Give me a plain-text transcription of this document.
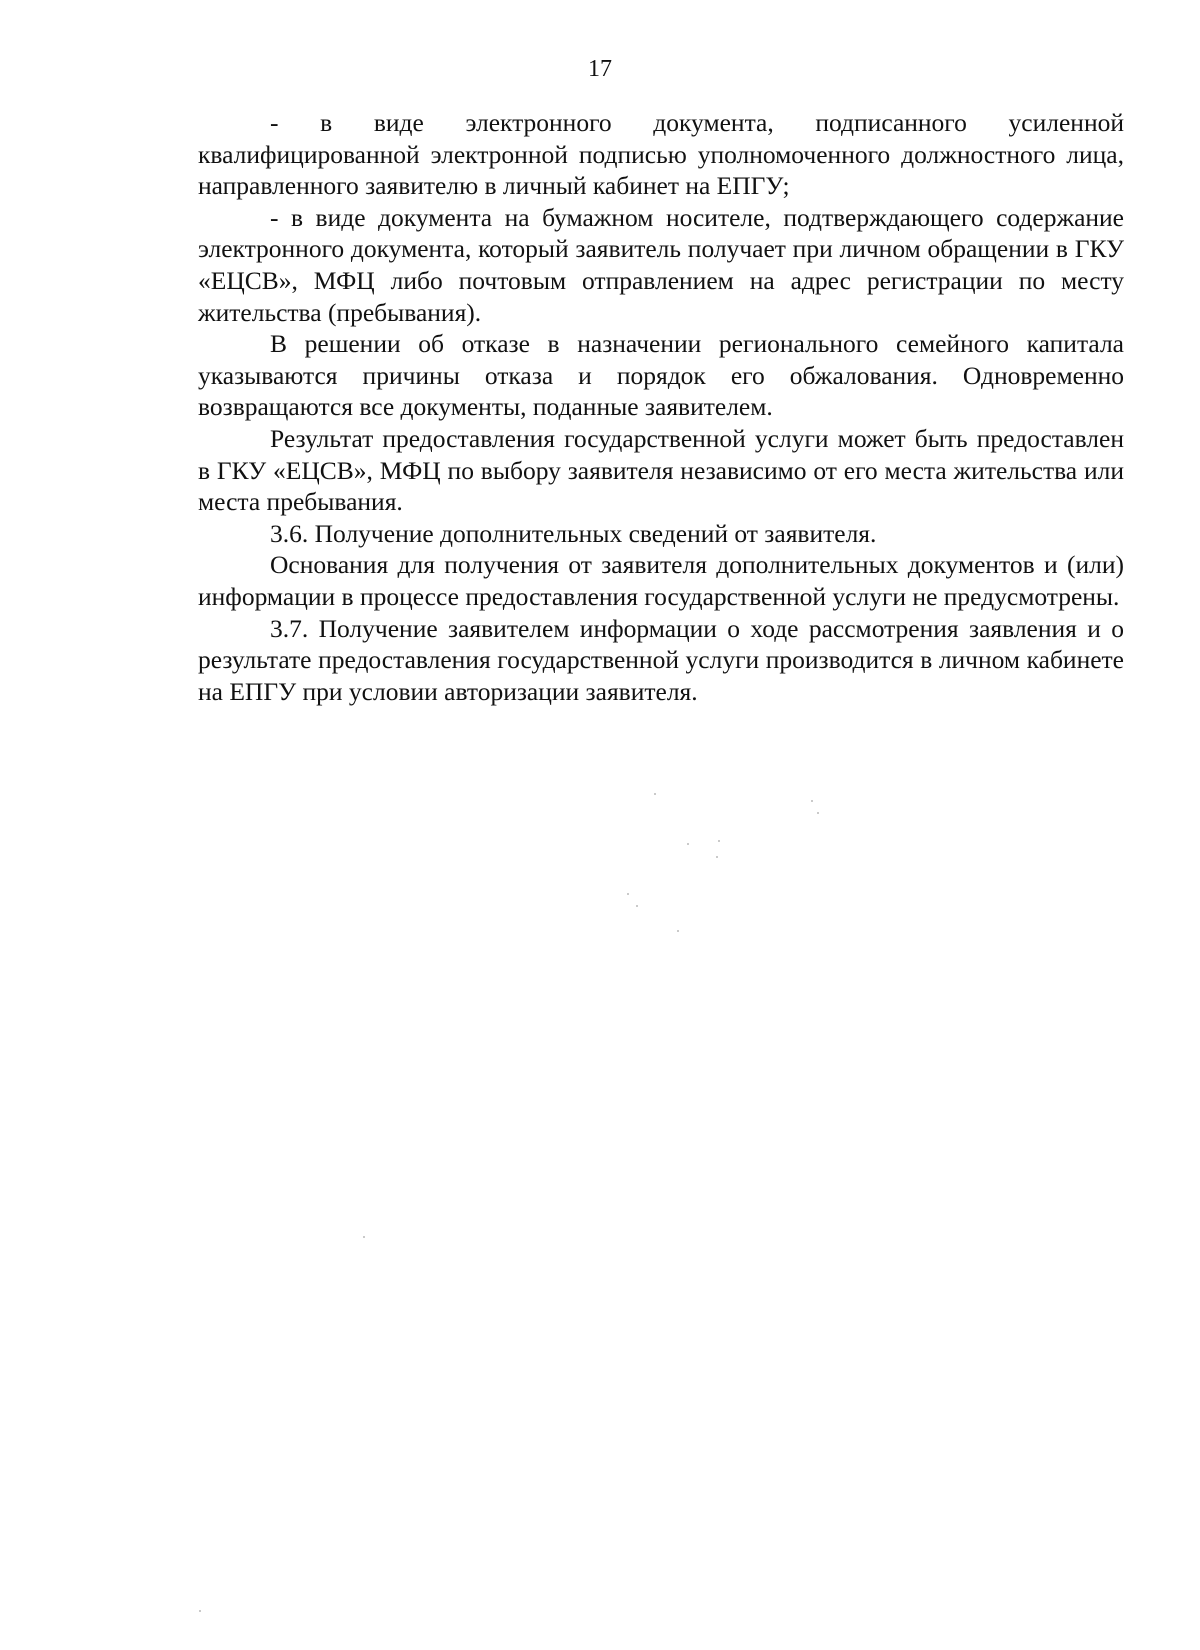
17

- в виде электронного документа, подписанного усиленной квалифицированной электронной подписью уполномоченного должностного лица, направленного заявителю в личный кабинет на ЕПГУ;

- в виде документа на бумажном носителе, подтверждающего содержание электронного документа, который заявитель получает при личном обращении в ГКУ «ЕЦСВ», МФЦ либо почтовым отправлением на адрес регистрации по месту жительства (пребывания).

В решении об отказе в назначении регионального семейного капитала указываются причины отказа и порядок его обжалования. Одновременно возвращаются все документы, поданные заявителем.

Результат предоставления государственной услуги может быть предоставлен в ГКУ «ЕЦСВ», МФЦ по выбору заявителя независимо от его места жительства или места пребывания.

3.6. Получение дополнительных сведений от заявителя.

Основания для получения от заявителя дополнительных документов и (или) информации в процессе предоставления государственной услуги не предусмотрены.

3.7. Получение заявителем информации о ходе рассмотрения заявления и о результате предоставления государственной услуги производится в личном кабинете на ЕПГУ при условии авторизации заявителя.
